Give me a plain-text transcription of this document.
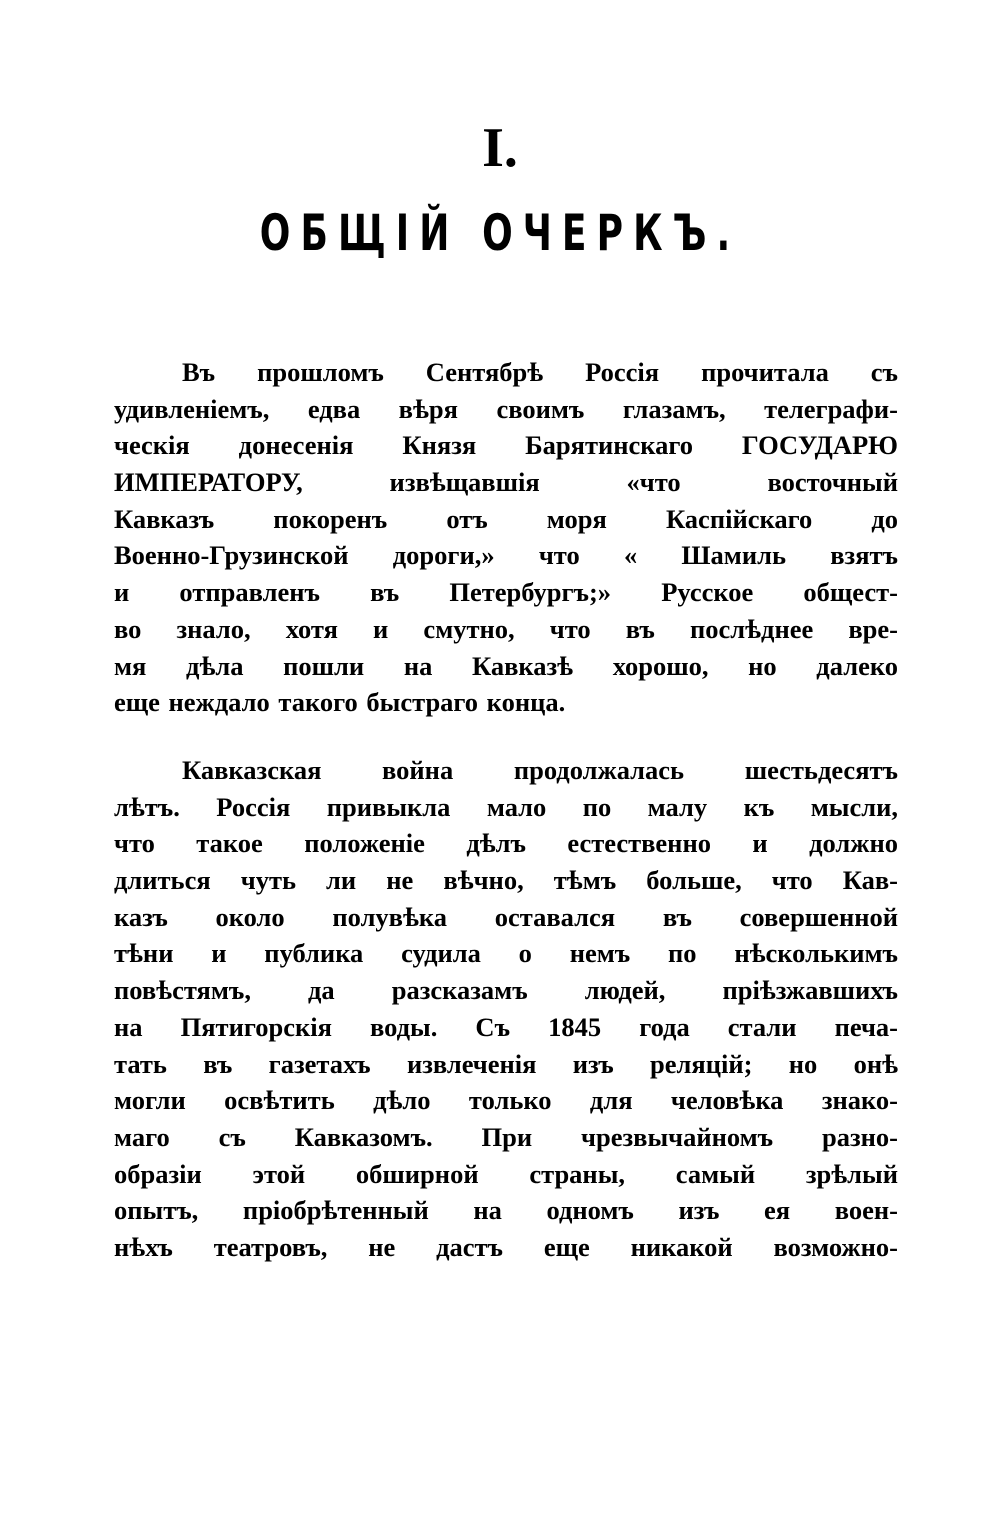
I.
ОБЩІЙ ОЧЕРКЪ.
Въ прошломъ Сентябрѣ Россія прочитала съ
удивленіемъ, едва вѣря своимъ глазамъ, телеграфи-
ческія донесенія Князя Барятинскаго ГОСУДАРЮ
ИМПЕРАТОРУ, извѣщавшія «что восточный
Кавказъ покоренъ отъ моря Каспійскаго до
Военно-Грузинской дороги,» что « Шамиль взятъ
и отправленъ въ Петербургъ;» Русское общест-
во знало, хотя и смутно, что въ послѣднее вре-
мя дѣла пошли на Кавказѣ хорошо, но далеко
еще неждало такого быстраго конца.
Кавказская война продолжалась шестьдесятъ
лѣтъ. Россія привыкла мало по малу къ мысли,
что такое положеніе дѣлъ естественно и должно
длиться чуть ли не вѣчно, тѣмъ больше, что Кав-
казъ около полувѣка оставался въ совершенной
тѣни и публика судила о немъ по нѣсколькимъ
повѣстямъ, да разсказамъ людей, пріѣзжавшихъ
на Пятигорскія воды. Съ 1845 года стали печа-
тать въ газетахъ извлеченія изъ реляцій; но онѣ
могли освѣтить дѣло только для человѣка знако-
маго съ Кавказомъ. При чрезвычайномъ разно-
образіи этой обширной страны, самый зрѣлый
опытъ, пріобрѣтенный на одномъ изъ ея воен-
нѣхъ театровъ, не дастъ еще никакой возможно-
